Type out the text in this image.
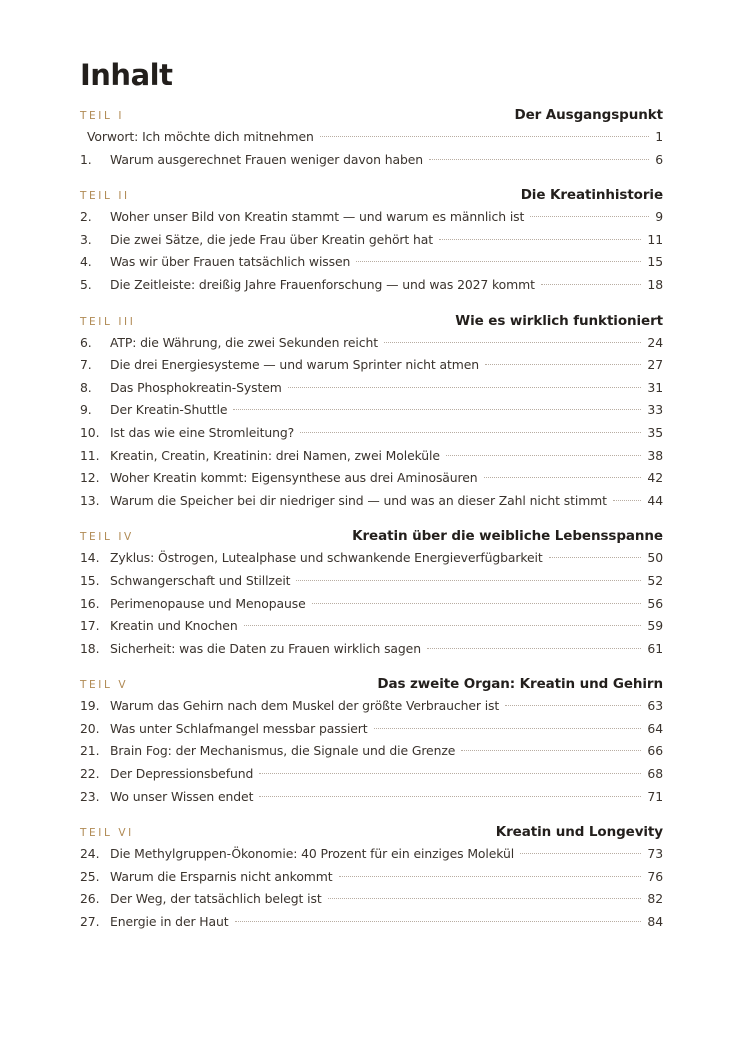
Inhalt
TEIL I	Der Ausgangspunkt
Vorwort: Ich möchte dich mitnehmen	1
1.	Warum ausgerechnet Frauen weniger davon haben	6
TEIL II	Die Kreatinhistorie
2.	Woher unser Bild von Kreatin stammt — und warum es männlich ist	9
3.	Die zwei Sätze, die jede Frau über Kreatin gehört hat	11
4.	Was wir über Frauen tatsächlich wissen	15
5.	Die Zeitleiste: dreißig Jahre Frauenforschung — und was 2027 kommt	18
TEIL III	Wie es wirklich funktioniert
6.	ATP: die Währung, die zwei Sekunden reicht	24
7.	Die drei Energiesysteme — und warum Sprinter nicht atmen	27
8.	Das Phosphokreatin-System	31
9.	Der Kreatin-Shuttle	33
10. Ist das wie eine Stromleitung?	35
11. Kreatin, Creatin, Kreatinin: drei Namen, zwei Moleküle	38
12. Woher Kreatin kommt: Eigensynthese aus drei Aminosäuren	42
13. Warum die Speicher bei dir niedriger sind — und was an dieser Zahl nicht stimmt	44
TEIL IV	Kreatin über die weibliche Lebensspanne
14. Zyklus: Östrogen, Lutealphase und schwankende Energieverfügbarkeit	50
15. Schwangerschaft und Stillzeit	52
16. Perimenopause und Menopause	56
17. Kreatin und Knochen	59
18. Sicherheit: was die Daten zu Frauen wirklich sagen	61
TEIL V	Das zweite Organ: Kreatin und Gehirn
19. Warum das Gehirn nach dem Muskel der größte Verbraucher ist	63
20. Was unter Schlafmangel messbar passiert	64
21. Brain Fog: der Mechanismus, die Signale und die Grenze	66
22. Der Depressionsbefund	68
23. Wo unser Wissen endet	71
TEIL VI	Kreatin und Longevity
24. Die Methylgruppen-Ökonomie: 40 Prozent für ein einziges Molekül	73
25. Warum die Ersparnis nicht ankommt	76
26. Der Weg, der tatsächlich belegt ist	82
27. Energie in der Haut	84
